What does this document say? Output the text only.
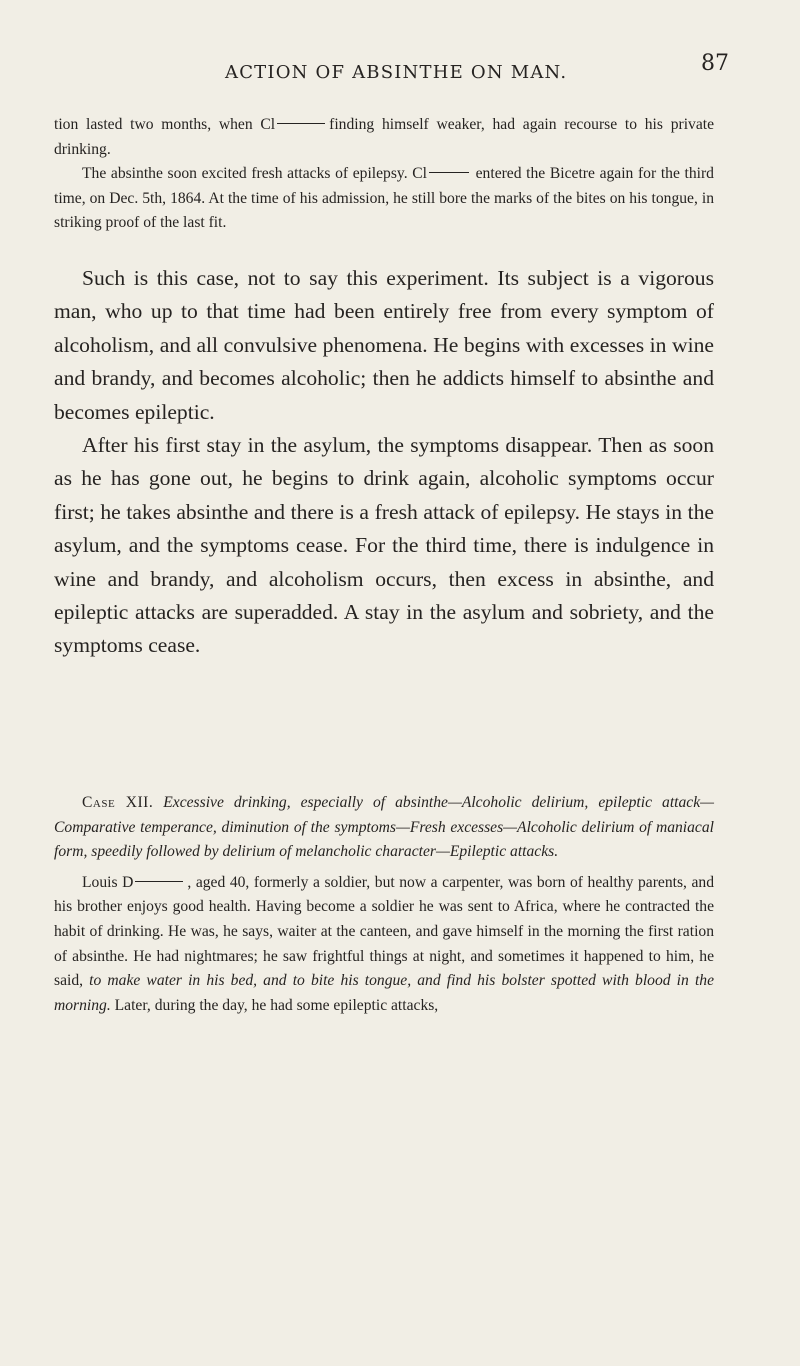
ACTION OF ABSINTHE ON MAN.	87

tion lasted two months, when Cl	finding himself weaker, had again recourse to his private drinking.

The absinthe soon excited fresh attacks of epilepsy. Cl	entered the Bicetre again for the third time, on Dec. 5th, 1864. At the time of his admission, he still bore the marks of the bites on his tongue, in striking proof of the last fit.

Such is this case, not to say this experiment. Its subject is a vigorous man, who up to that time had been entirely free from every symptom of alcoholism, and all convulsive phenomena. He begins with excesses in wine and brandy, and becomes alcoholic; then he addicts himself to absinthe and becomes epileptic.

After his first stay in the asylum, the symptoms disappear. Then as soon as he has gone out, he begins to drink again, alcoholic symptoms occur first; he takes absinthe and there is a fresh attack of epilepsy. He stays in the asylum, and the symptoms cease. For the third time, there is indulgence in wine and brandy, and alcoholism occurs, then excess in absinthe, and epileptic attacks are superadded. A stay in the asylum and sobriety, and the symptoms cease.

Case XII. Excessive drinking, especially of absinthe—Alcoholic delirium, epileptic attack—Comparative temperance, diminution of the symptoms—Fresh excesses—Alcoholic delirium of maniacal form, speedily followed by delirium of melancholic character—Epileptic attacks.

Louis D	, aged 40, formerly a soldier, but now a carpenter, was born of healthy parents, and his brother enjoys good health. Having become a soldier he was sent to Africa, where he contracted the habit of drinking. He was, he says, waiter at the canteen, and gave himself in the morning the first ration of absinthe. He had nightmares; he saw frightful things at night, and sometimes it happened to him, he said, to make water in his bed, and to bite his tongue, and find his bolster spotted with blood in the morning. Later, during the day, he had some epileptic attacks,
